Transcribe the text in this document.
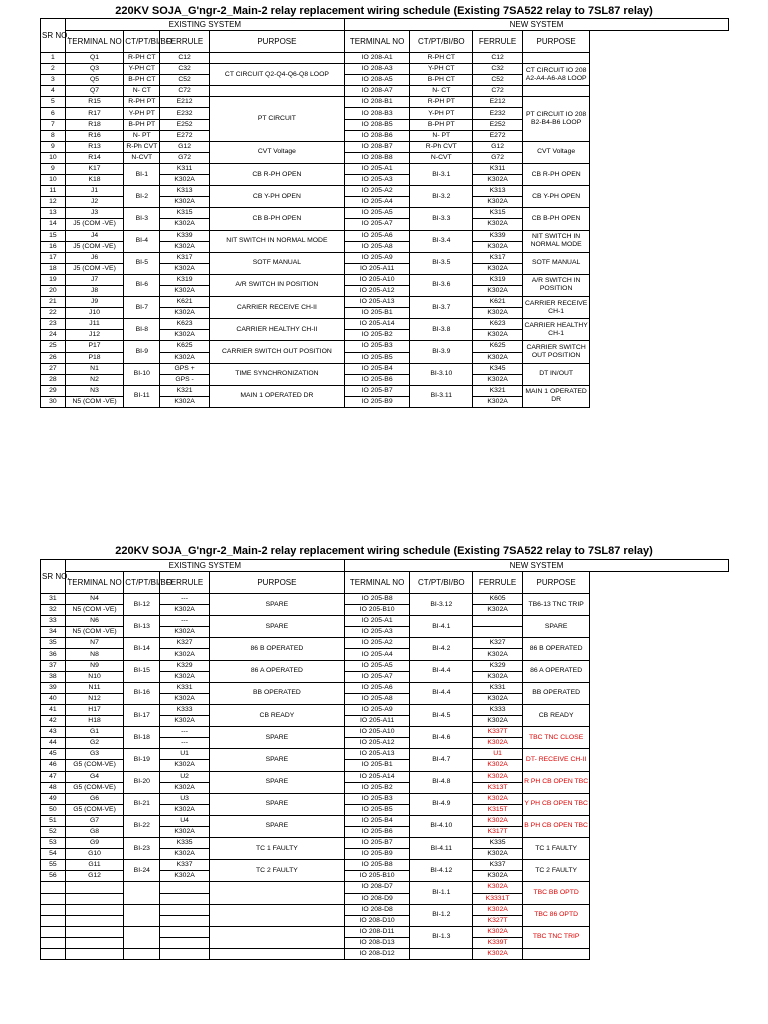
220KV SOJA_G'ngr-2_Main-2 relay replacement wiring schedule (Existing 7SA522 relay to 7SL87 relay)
SR NO.	EXISTING SYSTEM				NEW SYSTEM			
	TERMINAL NO	CT/PT/BI/BO	FERRULE	PURPOSE	TERMINAL NO	CT/PT/BI/BO	FERRULE	PURPOSE
1	Q1	R-PH CT	C12		IO 208-A1	R-PH CT	C12	
2	Q3	Y-PH CT	C32	CT CIRCUIT Q2-Q4-Q6-Q8 LOOP	IO 208-A3	Y-PH CT	C32	CT CIRCUIT IO 208 A2-A4-A6-A8 LOOP
3	Q5	B-PH CT	C52		IO 208-A5	B-PH CT	C52	
4	Q7	N- CT	C72		IO 208-A7	N- CT	C72	
5	R15	R-PH PT	E212	PT CIRCUIT	IO 208-B1	R-PH PT	E212	PT CIRCUIT IO 208 B2-B4-B6 LOOP
6	R17	Y-PH PT	E232		IO 208-B3	Y-PH PT	E232	
7	R18	B-PH PT	E252		IO 208-B5	B-PH PT	E252	
8	R16	N- PT	E272		IO 208-B6	N- PT	E272	
9	R13	R-Ph CVT	G12	CVT Voltage	IO 208-B7	R-Ph CVT	G12	CVT Voltage
10	R14	N-CVT	G72		IO 208-B8	N-CVT	G72	
9	K17	BI-1	K311	CB R-PH OPEN	IO 205-A1	BI-3.1	K311	CB R-PH OPEN
10	K18		K302A		IO 205-A3		K302A	
11	J1	BI-2	K313	CB Y-PH OPEN	IO 205-A2	BI-3.2	K313	CB Y-PH OPEN
12	J2		K302A		IO 205-A4		K302A	
13	J3	BI-3	K315	CB B-PH OPEN	IO 205-A5	BI-3.3	K315	CB B-PH OPEN
14	J5 (COM -VE)		K302A		IO 205-A7		K302A	
15	J4	BI-4	K339	NIT SWITCH IN NORMAL MODE	IO 205-A6	BI-3.4	K339	NIT SWITCH IN NORMAL MODE
16	J5 (COM -VE)		K302A		IO 205-A8		K302A	
17	J6	BI-5	K317	SOTF MANUAL	IO 205-A9	BI-3.5	K317	SOTF MANUAL
18	J5 (COM -VE)		K302A		IO 205-A11		K302A	
19	J7	BI-6	K319	A/R SWITCH IN POSITION	IO 205-A10	BI-3.6	K319	A/R SWITCH IN POSITION
20	J8		K302A		IO 205-A12		K302A	
21	J9	BI-7	K621	CARRIER RECEIVE CH-II	IO 205-A13	BI-3.7	K621	CARRIER RECEIVE CH-1
22	J10		K302A		IO 205-B1		K302A	
23	J11	BI-8	K623	CARRIER HEALTHY CH-II	IO 205-A14	BI-3.8	K623	CARRIER HEALTHY CH-1
24	J12		K302A		IO 205-B2		K302A	
25	P17	BI-9	K625	CARRIER SWITCH OUT POSITION	IO 205-B3	BI-3.9	K625	CARRIER SWITCH OUT POSITION
26	P18		K302A		IO 205-B5		K302A	
27	N1	BI-10	GPS +	TIME SYNCHRONIZATION	IO 205-B4	BI-3.10	K345	DT IN/OUT
28	N2		GPS -		IO 205-B6		K302A	
29	N3	BI-11	K321	MAIN 1 OPERATED DR	IO 205-B7	BI-3.11	K321	MAIN 1 OPERATED DR
30	N5 (COM -VE)		K302A		IO 205-B9		K302A	
220KV SOJA_G'ngr-2_Main-2 relay replacement wiring schedule (Existing 7SA522 relay to 7SL87 relay)
SR NO.	EXISTING SYSTEM				NEW SYSTEM			
	TERMINAL NO	CT/PT/BI/BO	FERRULE	PURPOSE	TERMINAL NO	CT/PT/BI/BO	FERRULE	PURPOSE
31	N4	BI-12	---	SPARE	IO 205-B8	BI-3.12	K605	TB6-13 TNC TRIP
32	N5 (COM -VE)		K302A		IO 205-B10		K302A	
33	N6	BI-13	---	SPARE	IO 205-A1	BI-4.1		SPARE
34	N5 (COM -VE)		K302A		IO 205-A3			
35	N7	BI-14	K327	86 B OPERATED	IO 205-A2	BI-4.2	K327	86 B OPERATED
36	N8		K302A		IO 205-A4		K302A	
37	N9	BI-15	K329	86 A OPERATED	IO 205-A5	BI-4.4	K329	86 A OPERATED
38	N10		K302A		IO 205-A7		K302A	
39	N11	BI-16	K331	BB OPERATED	IO 205-A6	BI-4.4	K331	BB OPERATED
40	N12		K302A		IO 205-A8		K302A	
41	H17	BI-17	K333	CB READY	IO 205-A9	BI-4.5	K333	CB READY
42	H18		K302A		IO 205-A11		K302A	
43	G1	BI-18	---	SPARE	IO 205-A10	BI-4.6	K337T	TBC TNC CLOSE
44	G2		---		IO 205-A12		K302A	
45	G3	BI-19	U1	SPARE	IO 205-A13	BI-4.7	U1	DT- RECEIVE CH-II
46	G5 (COM-VE)		K302A		IO 205-B1		K302A	
47	G4	BI-20	U2	SPARE	IO 205-A14	BI-4.8	K302A	R PH CB OPEN TBC
48	G5 (COM-VE)		K302A		IO 205-B2		K313T	
49	G6	BI-21	U3	SPARE	IO 205-B3	BI-4.9	K302A	Y PH CB OPEN TBC
50	G5 (COM-VE)		K302A		IO 205-B5		K315T	
51	G7	BI-22	U4	SPARE	IO 205-B4	BI-4.10	K302A	B PH CB OPEN TBC
52	G8		K302A		IO 205-B6		K317T	
53	G9	BI-23	K335	TC 1 FAULTY	IO 205-B7	BI-4.11	K335	TC 1 FAULTY
54	G10		K302A		IO 205-B9		K302A	
55	G11	BI-24	K337	TC 2 FAULTY	IO 205-B8	BI-4.12	K337	TC 2 FAULTY
56	G12		K302A		IO 205-B10		K302A	
					IO 208-D7	BI-1.1	K302A	TBC BB OPTD
					IO 208-D9		K3331T	
					IO 208-D8	BI-1.2	K302A	TBC 86 OPTD
					IO 208-D10		K327T	
					IO 208-D11	BI-1.3	K302A	TBC TNC TRIP
					IO 208-D13		K339T	
					IO 208-D12		K302A	
